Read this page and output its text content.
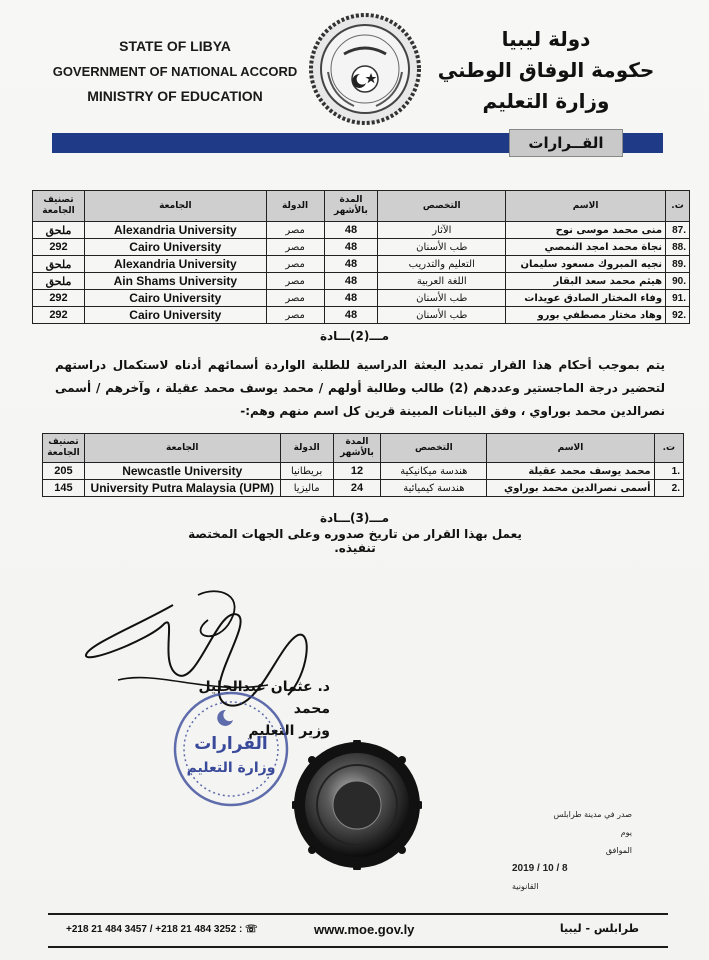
STATE OF LIBYA
GOVERNMENT OF NATIONAL ACCORD
MINISTRY OF EDUCATION
دولة ليبيا
حكومة الوفاق الوطني
وزارة التعليم
القــرارات
ت.	الاسم	التخصص	المدة بالأشهر	الدولة	الجامعة	تصنيف الجامعة
87.	منى محمد موسى نوح	الآثار	48	مصر	Alexandria University	ملحق
88.	نجاة محمد امجد النمصي	طب الأسنان	48	مصر	Cairo University	292
89.	نجيه المبروك مسعود سليمان	التعليم والتدريب	48	مصر	Alexandria University	ملحق
90.	هيثم محمد سعد البقار	اللغة العربية	48	مصر	Ain Shams University	ملحق
91.	وفاء المختار الصادق عويدات	طب الأسنان	48	مصر	Cairo University	292
92.	وهاد مختار مصطفي بورو	طب الأسنان	48	مصر	Cairo University	292
مـــ(2)ـــادة
يتم بموجب أحكام هذا القرار تمديد البعثة الدراسية للطلبة الواردة أسمائهم أدناه لاستكمال دراستهم لتحضير درجة الماجستير وعددهم (2) طالب وطالبة أولهم / محمد يوسف محمد عقيلة ، وآخرهم / أسمى نصرالدين محمد بوراوي ، وفق البيانات المبينة قرين كل اسم منهم وهم:-
ت.	الاسم	التخصص	المدة بالأشهر	الدولة	الجامعة	تصنيف الجامعة
1.	محمد يوسف محمد عقيلة	هندسة ميكانيكية	12	بريطانيا	Newcastle University	205
2.	أسمى نصرالدين محمد بوراوي	هندسة كيميائية	24	ماليزيا	University Putra Malaysia (UPM)	145
مـــ(3)ـــادة
يعمل بهذا القرار من تاريخ صدوره وعلى الجهات المختصة تنفيذه.
د. عثمان عبدالجليل محمد
وزير التعليم
القرارات
وزارة التعليم
صدر في مدينة طرابلس
يوم
الموافق
2019 / 10 / 8
القانونية
+218 21 484 3457 / +218 21 484 3252 : ☏	www.moe.gov.ly	طرابلس - ليبيا
